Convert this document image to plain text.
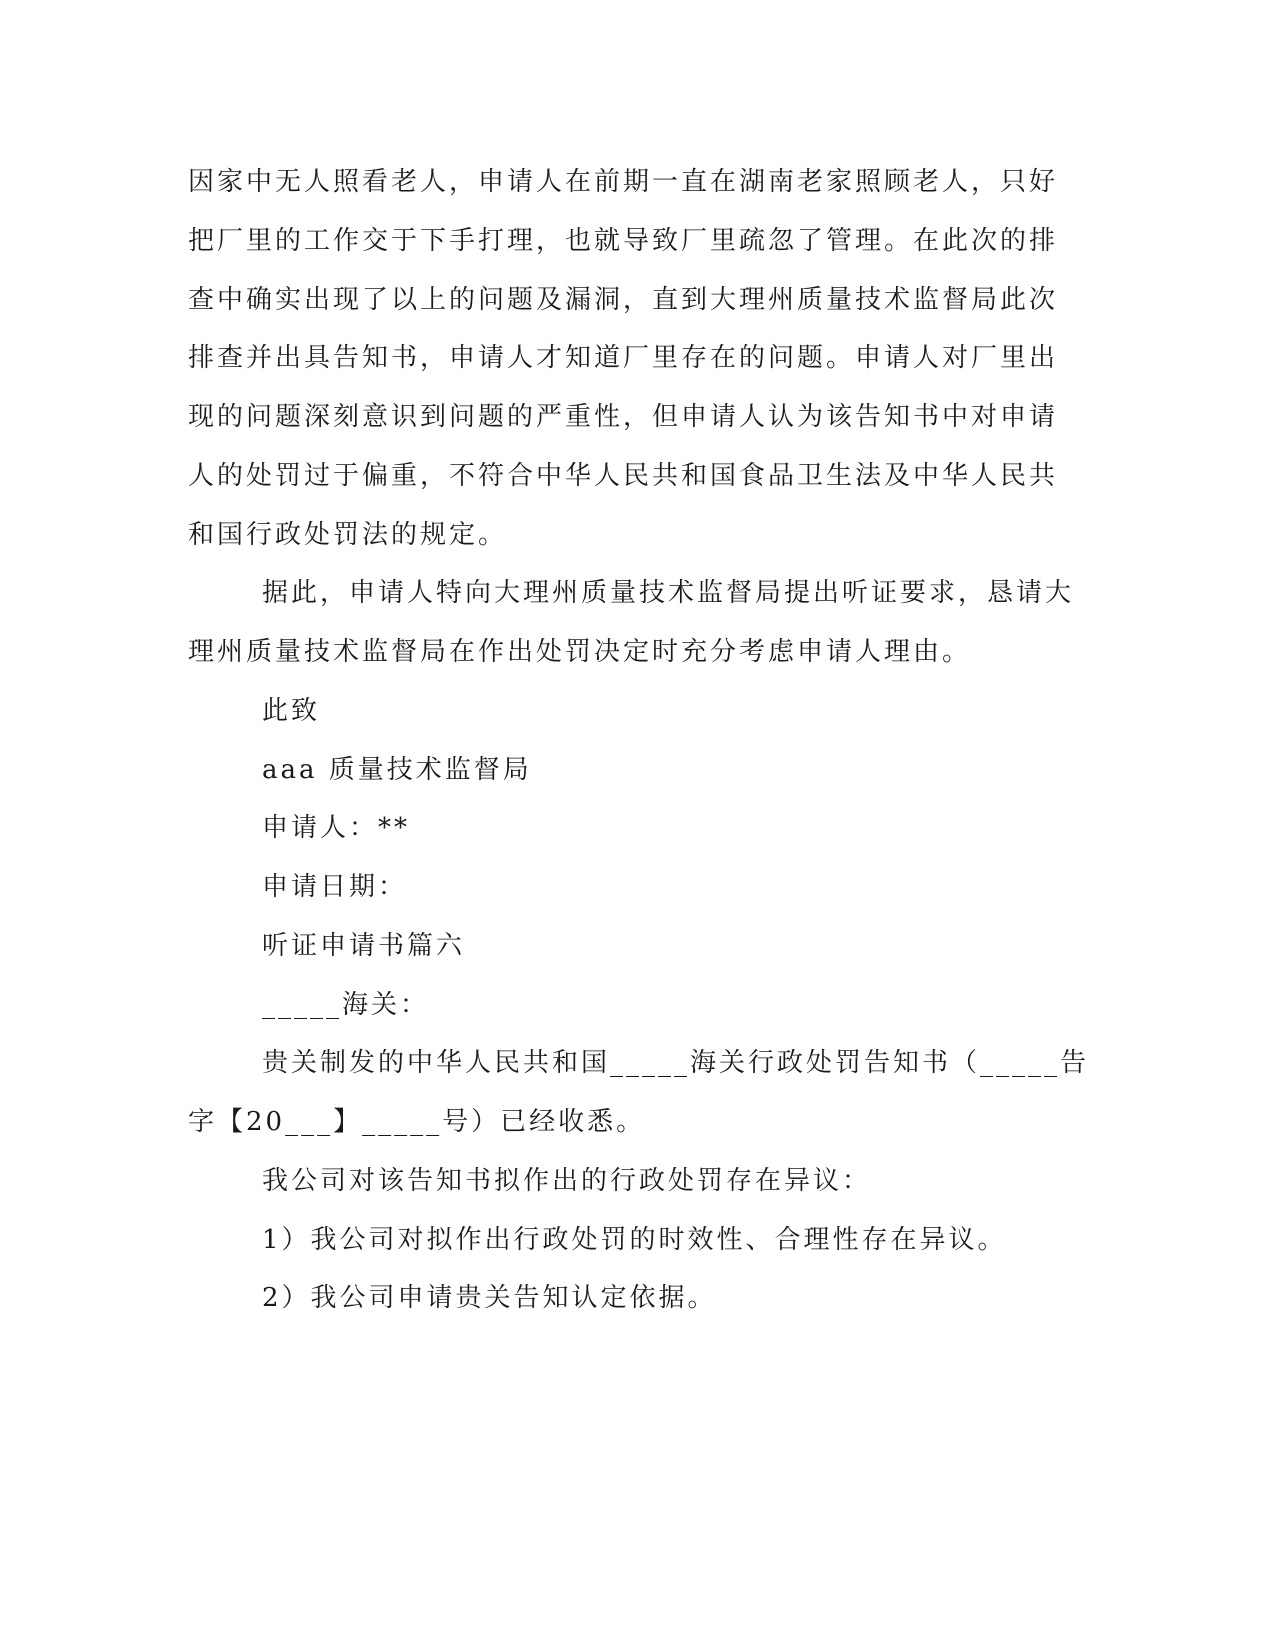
因家中无人照看老人，申请人在前期一直在湖南老家照顾老人，只好
把厂里的工作交于下手打理，也就导致厂里疏忽了管理。在此次的排
查中确实出现了以上的问题及漏洞，直到大理州质量技术监督局此次
排查并出具告知书，申请人才知道厂里存在的问题。申请人对厂里出
现的问题深刻意识到问题的严重性，但申请人认为该告知书中对申请
人的处罚过于偏重，不符合中华人民共和国食品卫生法及中华人民共
和国行政处罚法的规定。
据此，申请人特向大理州质量技术监督局提出听证要求，恳请大
理州质量技术监督局在作出处罚决定时充分考虑申请人理由。
此致
aaa 质量技术监督局
申请人：**
申请日期：
听证申请书篇六
_____海关：
贵关制发的中华人民共和国_____海关行政处罚告知书（_____告
字【20___】_____号）已经收悉。
我公司对该告知书拟作出的行政处罚存在异议：
1）我公司对拟作出行政处罚的时效性、合理性存在异议。
2）我公司申请贵关告知认定依据。
